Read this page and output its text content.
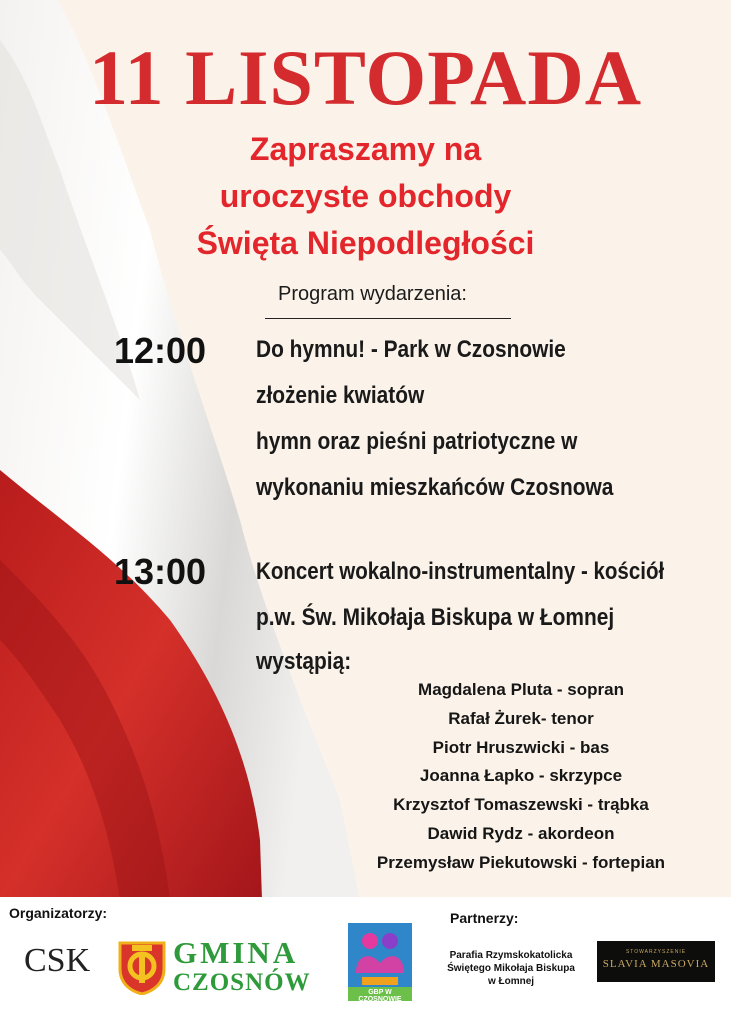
11 LISTOPADA
Zapraszamy na
uroczyste obchody
Święta Niepodległości
Program wydarzenia:
12:00 Do hymnu! - Park w Czosnowie
złożenie kwiatów
hymn oraz pieśni patriotyczne w
wykonaniu mieszkańców Czosnowa
13:00 Koncert wokalno-instrumentalny - kościół
p.w. Św. Mikołaja Biskupa w Łomnej
wystąpią:
Magdalena Pluta - sopran
Rafał Żurek- tenor
Piotr Hruszwicki - bas
Joanna Łapko - skrzypce
Krzysztof Tomaszewski - trąbka
Dawid Rydz - akordeon
Przemysław Piekutowski - fortepian
Organizatorzy:	Partnerzy:
CSK	GMINA
CZOSNÓW	GBP W CZOSNOWIE
Parafia Rzymskokatolicka
Świętego Mikołaja Biskupa
w Łomnej
STOWARZYSZENIE
SLAVIA MASOVIA
